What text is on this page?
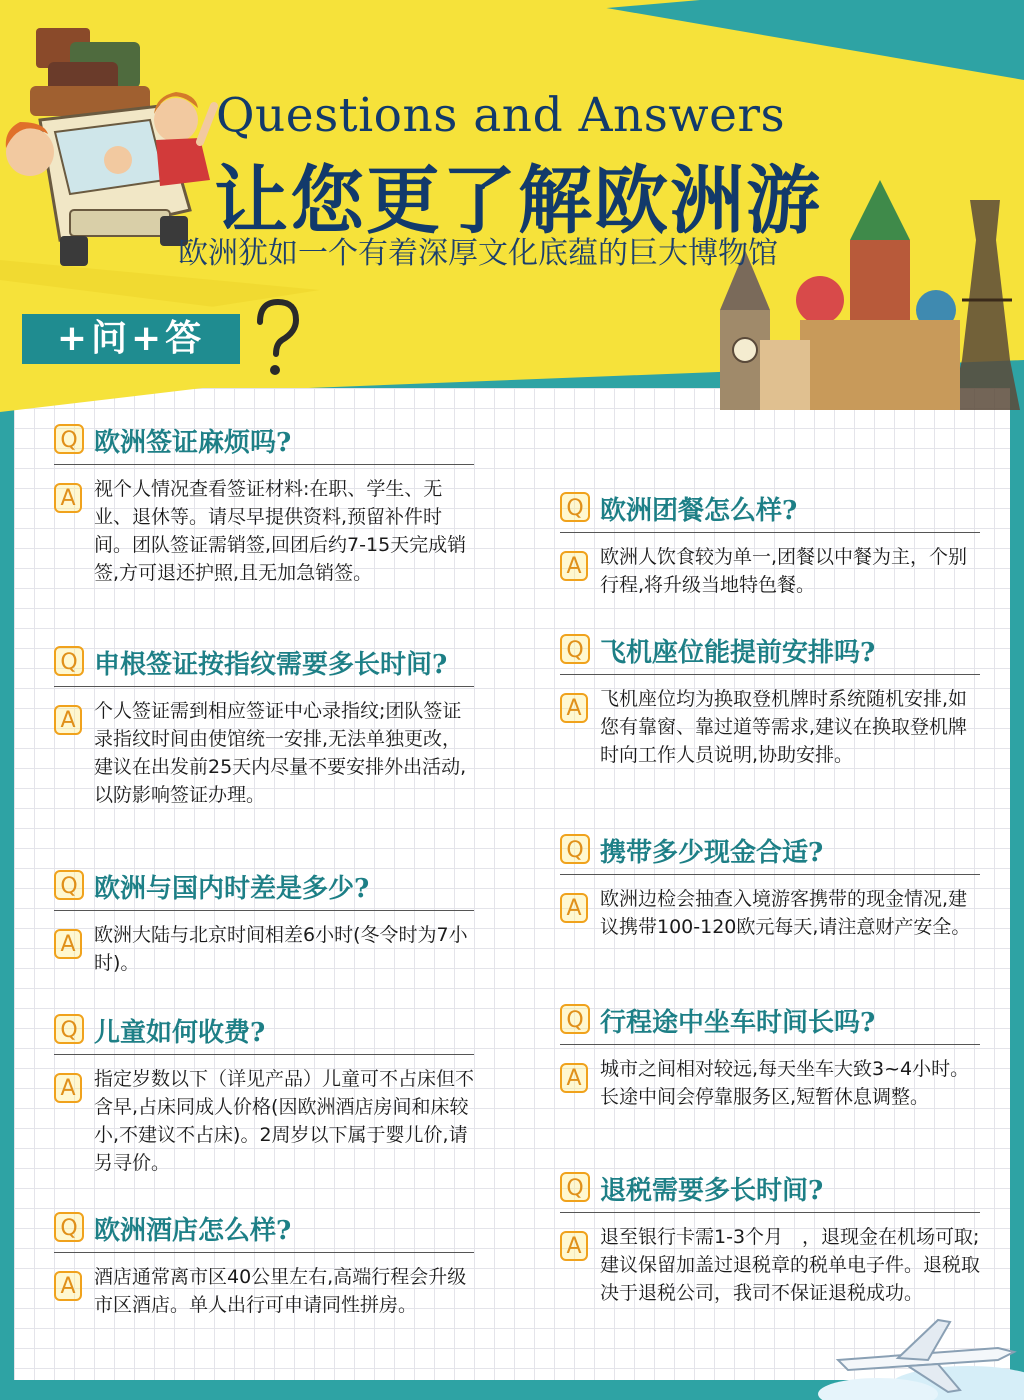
Questions and Answers
让您更了解欧洲游
欧洲犹如一个有着深厚文化底蕴的巨大博物馆
+问+答
Q 欧洲签证麻烦吗?
A 视个人情况查看签证材料:在职、学生、无业、退休等。请尽早提供资料,预留补件时间。团队签证需销签,回团后约7-15天完成销签,方可退还护照,且无加急销签。
Q 申根签证按指纹需要多长时间?
A 个人签证需到相应签证中心录指纹;团队签证录指纹时间由使馆统一安排,无法单独更改，建议在出发前25天内尽量不要安排外出活动,以防影响签证办理。
Q 欧洲与国内时差是多少?
A 欧洲大陆与北京时间相差6小时(冬令时为7小时)。
Q 儿童如何收费?
A 指定岁数以下（详见产品）儿童可不占床但不含早,占床同成人价格(因欧洲酒店房间和床较小,不建议不占床)。2周岁以下属于婴儿价,请另寻价。
Q 欧洲酒店怎么样?
A 酒店通常离市区40公里左右,高端行程会升级市区酒店。单人出行可申请同性拼房。
Q 欧洲团餐怎么样?
A 欧洲人饮食较为单一,团餐以中餐为主，个别行程,将升级当地特色餐。
Q 飞机座位能提前安排吗?
A 飞机座位均为换取登机牌时系统随机安排,如您有靠窗、靠过道等需求,建议在换取登机牌时向工作人员说明,协助安排。
Q 携带多少现金合适?
A 欧洲边检会抽查入境游客携带的现金情况,建议携带100-120欧元每天,请注意财产安全。
Q 行程途中坐车时间长吗?
A 城市之间相对较远,每天坐车大致3~4小时。长途中间会停靠服务区,短暂休息调整。
Q 退税需要多长时间?
A 退至银行卡需1-3个月　，退现金在机场可取;建议保留加盖过退税章的税单电子件。退税取决于退税公司，我司不保证退税成功。
